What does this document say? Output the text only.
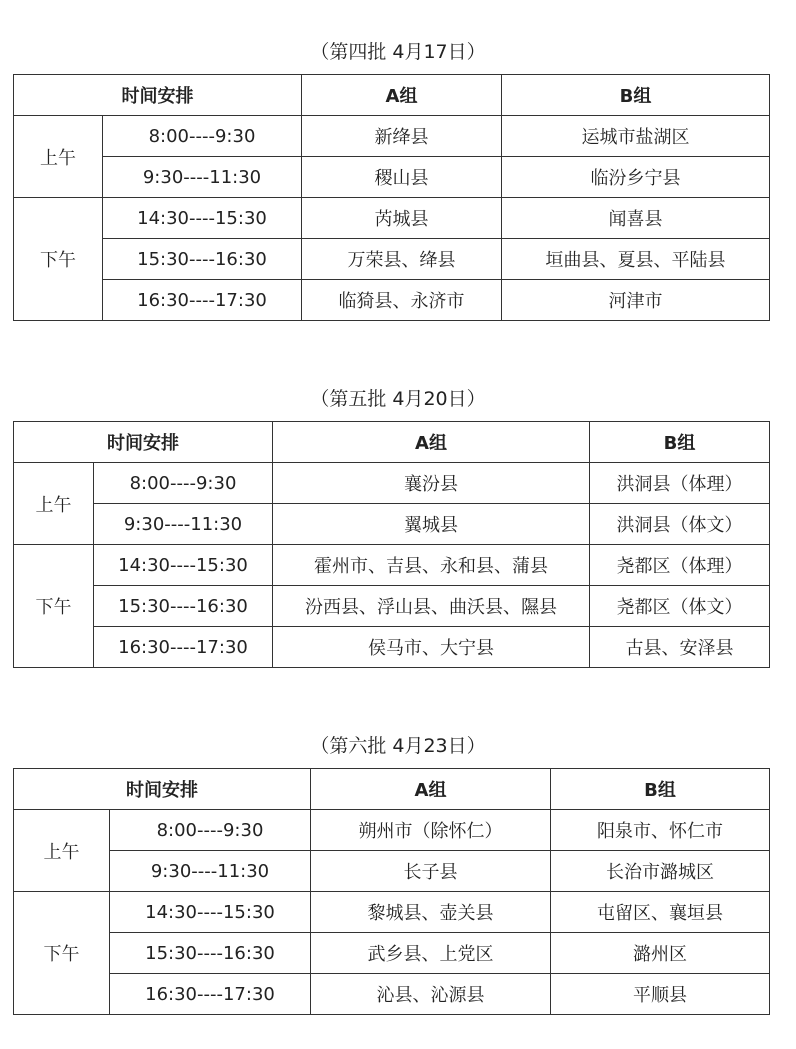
（第四批 4月17日）
时间安排		A组	B组
上午	8:00----9:30	新绛县	运城市盐湖区
	9:30----11:30	稷山县	临汾乡宁县
下午	14:30----15:30	芮城县	闻喜县
	15:30----16:30	万荣县、绛县	垣曲县、夏县、平陆县
	16:30----17:30	临猗县、永济市	河津市
（第五批 4月20日）
时间安排		A组	B组
上午	8:00----9:30	襄汾县	洪洞县（体理）
	9:30----11:30	翼城县	洪洞县（体文）
下午	14:30----15:30	霍州市、吉县、永和县、蒲县	尧都区（体理）
	15:30----16:30	汾西县、浮山县、曲沃县、隰县	尧都区（体文）
	16:30----17:30	侯马市、大宁县	古县、安泽县
（第六批 4月23日）
时间安排		A组	B组
上午	8:00----9:30	朔州市（除怀仁）	阳泉市、怀仁市
	9:30----11:30	长子县	长治市潞城区
下午	14:30----15:30	黎城县、壶关县	屯留区、襄垣县
	15:30----16:30	武乡县、上党区	潞州区
	16:30----17:30	沁县、沁源县	平顺县
